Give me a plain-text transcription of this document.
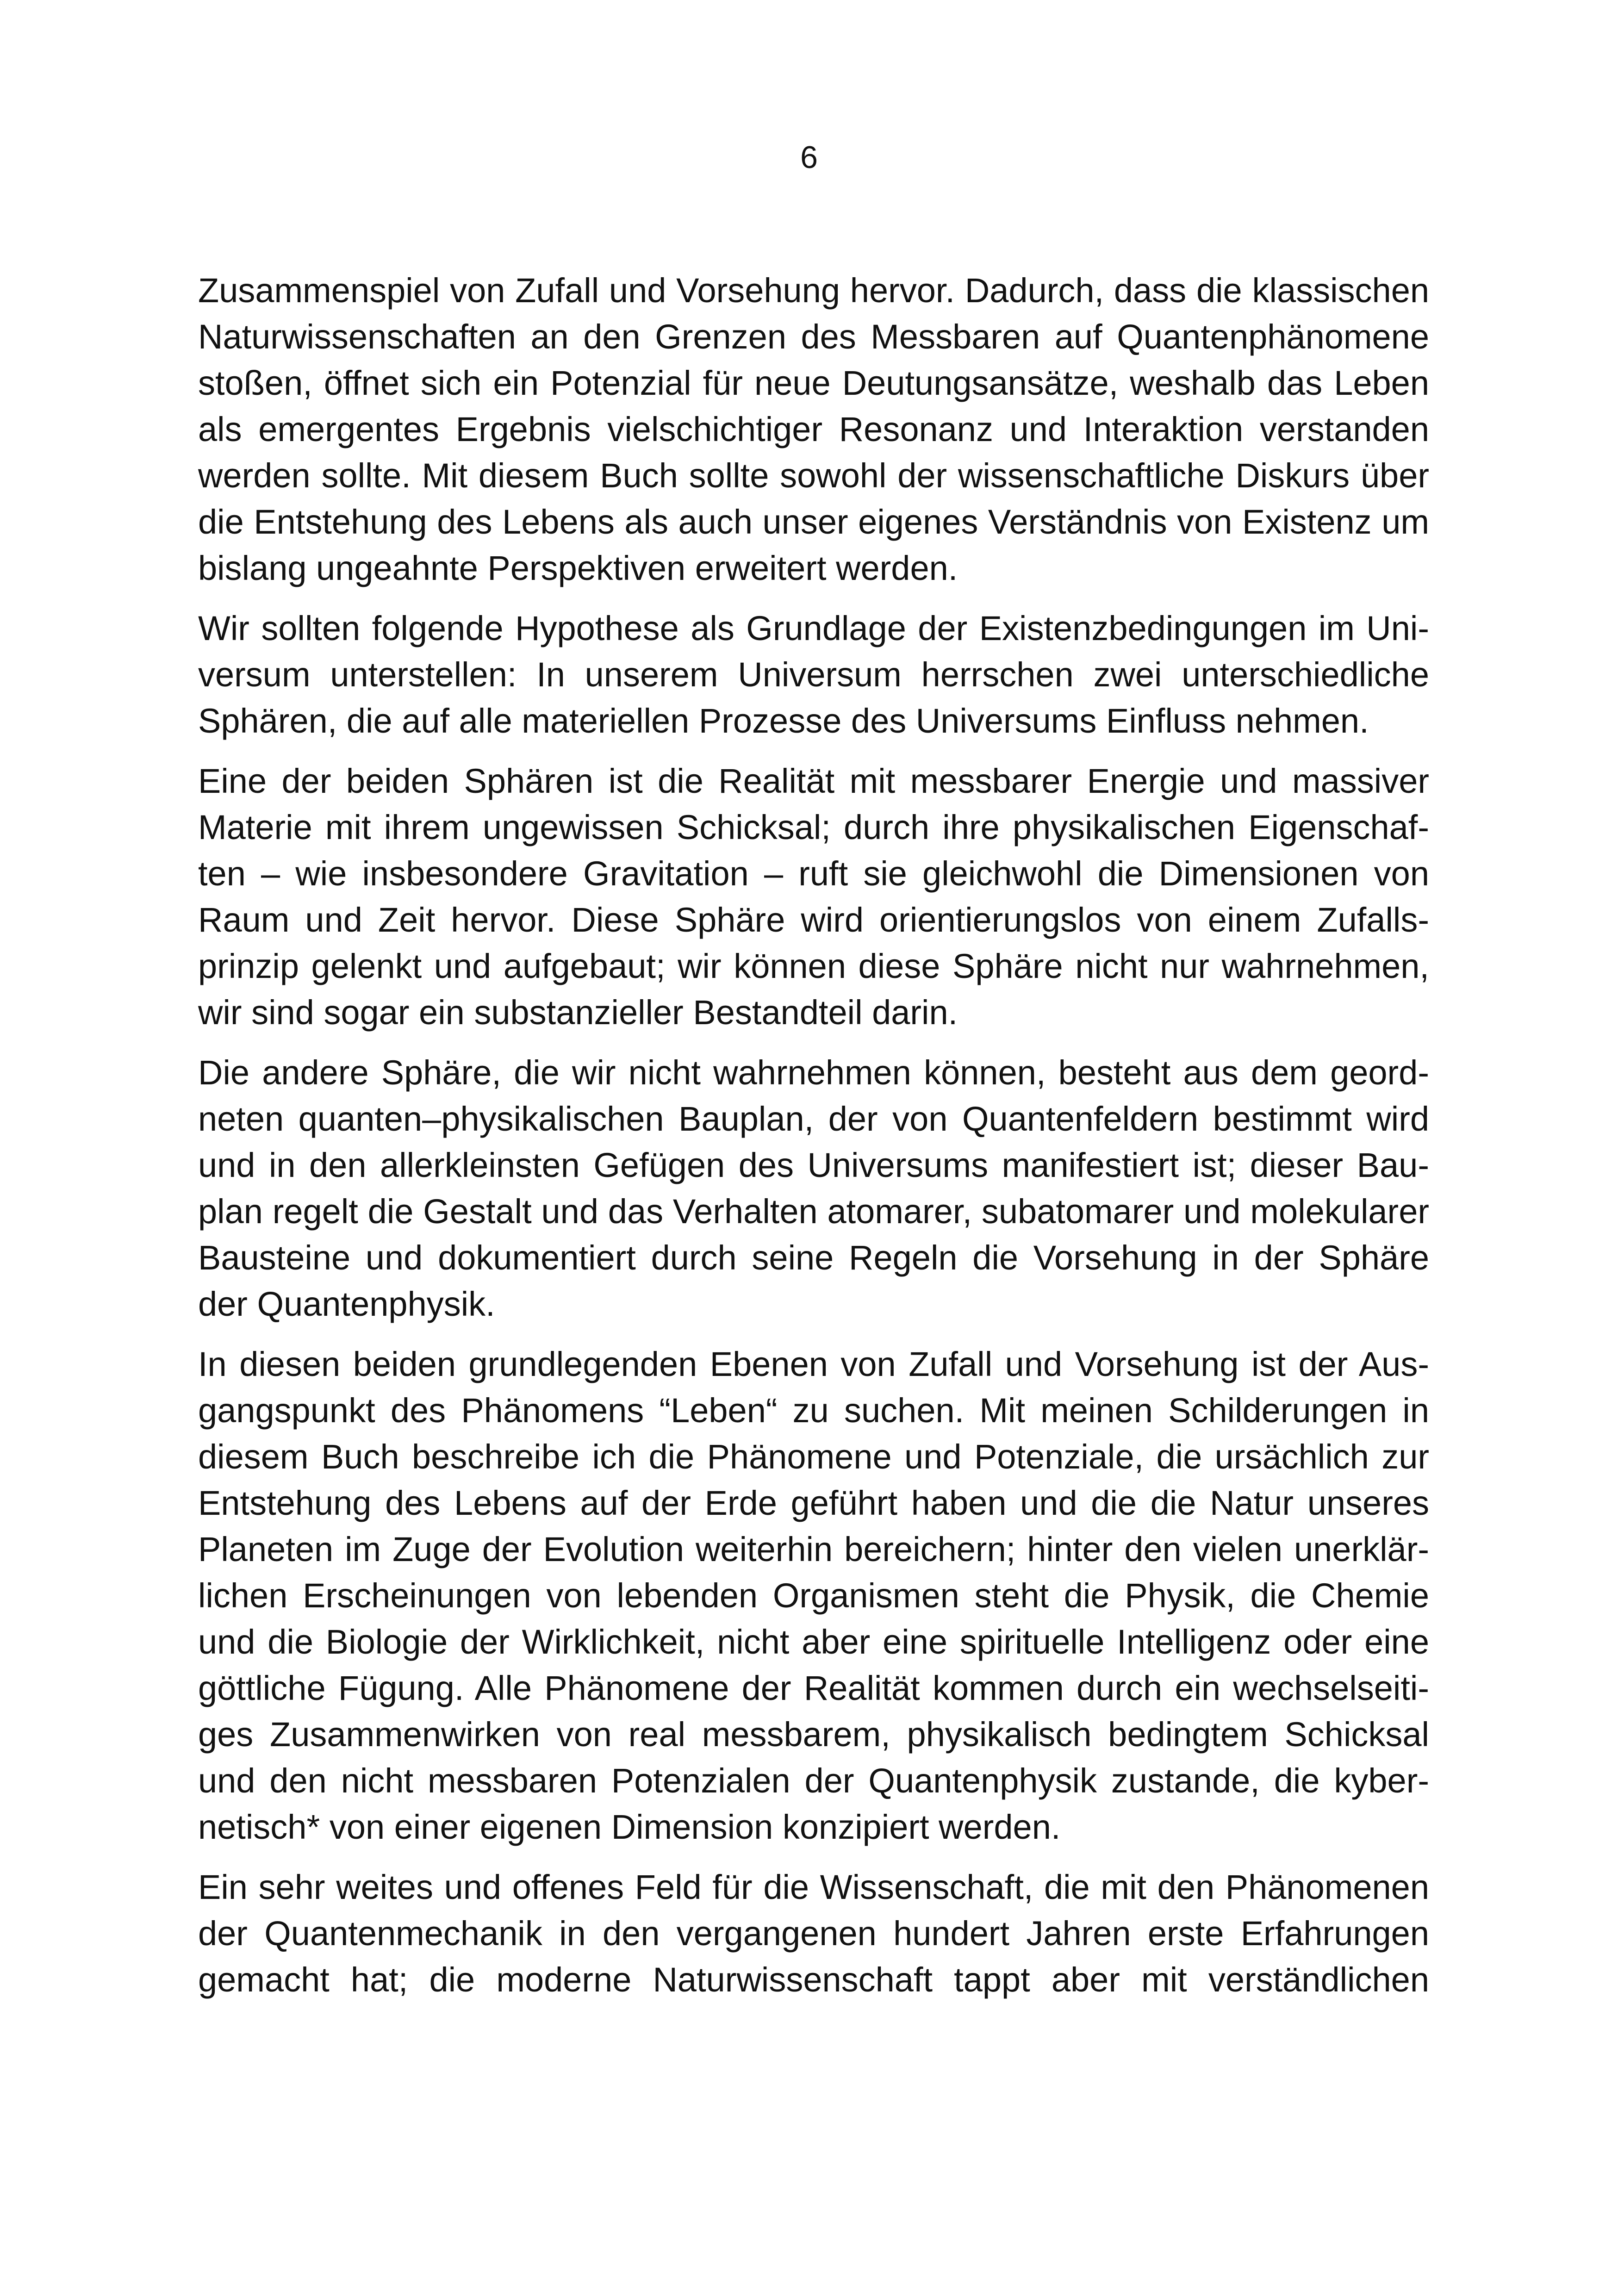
6

Zusammenspiel von Zufall und Vorsehung hervor. Dadurch, dass die klassischen Naturwissenschaften an den Grenzen des Messbaren auf Quantenphänomene stoßen, öffnet sich ein Potenzial für neue Deutungsansätze, weshalb das Leben als emergentes Ergebnis vielschichtiger Resonanz und Interaktion verstanden werden sollte. Mit diesem Buch sollte sowohl der wissenschaftliche Diskurs über die Entstehung des Lebens als auch unser eigenes Verständnis von Existenz um bislang ungeahnte Perspektiven erweitert werden.

Wir sollten folgende Hypothese als Grundlage der Existenzbedingungen im Universum unterstellen: In unserem Universum herrschen zwei unterschiedliche Sphären, die auf alle materiellen Prozesse des Universums Einfluss nehmen.

Eine der beiden Sphären ist die Realität mit messbarer Energie und massiver Materie mit ihrem ungewissen Schicksal; durch ihre physikalischen Eigenschaften – wie insbesondere Gravitation – ruft sie gleichwohl die Dimensionen von Raum und Zeit hervor. Diese Sphäre wird orientierungslos von einem Zufallsprinzip gelenkt und aufgebaut; wir können diese Sphäre nicht nur wahrnehmen, wir sind sogar ein substanzieller Bestandteil darin.

Die andere Sphäre, die wir nicht wahrnehmen können, besteht aus dem geordneten quanten–physikalischen Bauplan, der von Quantenfeldern bestimmt wird und in den allerkleinsten Gefügen des Universums manifestiert ist; dieser Bauplan regelt die Gestalt und das Verhalten atomarer, subatomarer und molekularer Bausteine und dokumentiert durch seine Regeln die Vorsehung in der Sphäre der Quantenphysik.

In diesen beiden grundlegenden Ebenen von Zufall und Vorsehung ist der Ausgangspunkt des Phänomens “Leben“ zu suchen. Mit meinen Schilderungen in diesem Buch beschreibe ich die Phänomene und Potenziale, die ursächlich zur Entstehung des Lebens auf der Erde geführt haben und die die Natur unseres Planeten im Zuge der Evolution weiterhin bereichern; hinter den vielen unerklärlichen Erscheinungen von lebenden Organismen steht die Physik, die Chemie und die Biologie der Wirklichkeit, nicht aber eine spirituelle Intelligenz oder eine göttliche Fügung. Alle Phänomene der Realität kommen durch ein wechselseitiges Zusammenwirken von real messbarem, physikalisch bedingtem Schicksal und den nicht messbaren Potenzialen der Quantenphysik zustande, die kybernetisch* von einer eigenen Dimension konzipiert werden.

Ein sehr weites und offenes Feld für die Wissenschaft, die mit den Phänomenen der Quantenmechanik in den vergangenen hundert Jahren erste Erfahrungen gemacht hat; die moderne Naturwissenschaft tappt aber mit verständlichen
